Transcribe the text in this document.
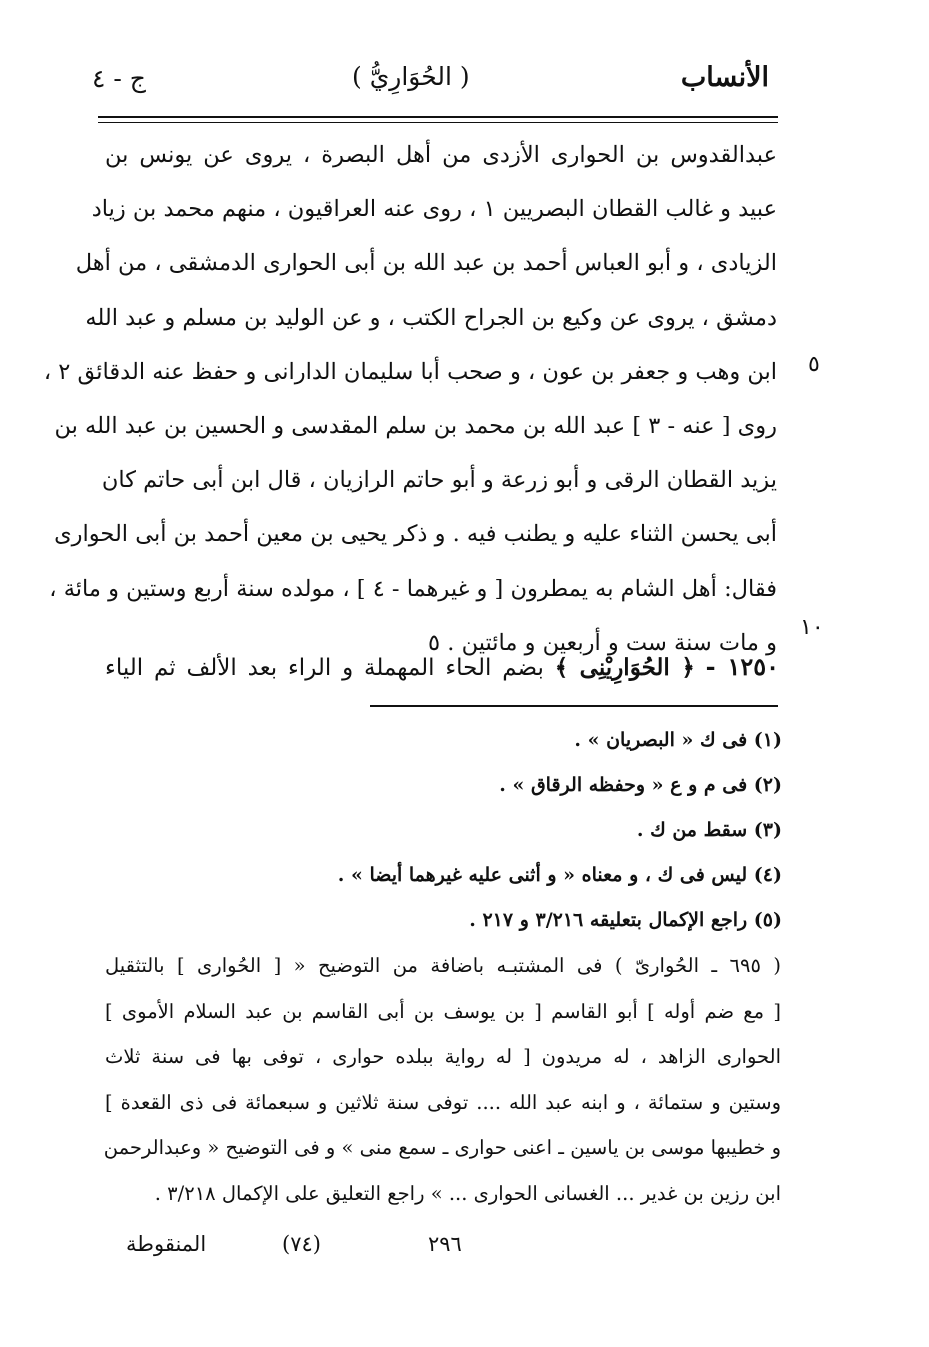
ج - ٤	( الحُوَارِيُّ )	الأنساب
عبدالقدوس بن الحوارى الأزدى من أهل البصرة ، يروى عن يونس بن
عبيد و غالب القطان البصريين ١ ، روى عنه العراقيون ، منهم محمد بن زياد
الزيادى ، و أبو العباس أحمد بن عبد الله بن أبى الحوارى الدمشقى ، من أهل
دمشق ، يروى عن وكيع بن الجراح الكتب ، و عن الوليد بن مسلم و عبد الله
ابن وهب و جعفر بن عون ، و صحب أبا سليمان الدارانى و حفظ عنه الدقائق ٢ ،
روى [ عنه - ٣ ] عبد الله بن محمد بن سلم المقدسى و الحسين بن عبد الله بن
يزيد القطان الرقى و أبو زرعة و أبو حاتم الرازيان ، قال ابن أبى حاتم كان
أبى يحسن الثناء عليه و يطنب فيه . و ذكر يحيى بن معين أحمد بن أبى الحوارى
فقال: أهل الشام به يمطرون [ و غيرهما - ٤ ] ، مولده سنة أربع وستين و مائة ،
و مات سنة ست و أربعين و مائتين . ٥
٥
١٠
١٢٥٠ - ﴿ الحُوَارِيْنِى ﴾ بضم الحاء المهملة و الراء بعد الألف ثم الياء
(١) فى ك « البصريان » .
(٢) فى م و ع « وحفظه الرقاق » .
(٣) سقط من ك .
(٤) ليس فى ك ، و معناه « و أثنى عليه غيرهما أيضا » .
(٥) راجع الإكمال بتعليقه ٣/٢١٦ و ٢١٧ .
( ٦٩٥ ـ الحُوارىّ ) فى المشتبـه باضافة من التوضيح « [ الحُوارى ] بالتثقيل
[ مع ضم أوله ] أبو القاسم [ بن يوسف بن أبى القاسم بن عبد السلام الأموى ]
الحوارى الزاهد ، له مريدون [ له رواية ببلده حوارى ، توفى بها فى سنة ثلاث
وستين و ستمائة ، و ابنه عبد الله .... توفى سنة ثلاثين و سبعمائة فى ذى القعدة ]
و خطيبها موسى بن ياسين ـ اعنى حوارى ـ سمع منى » و فى التوضيح « وعبدالرحمن
ابن رزين بن غدير ... الغسانى الحوارى ... » راجع التعليق على الإكمال ٣/٢١٨ .
٢٩٦
(٧٤)
المنقوطة
